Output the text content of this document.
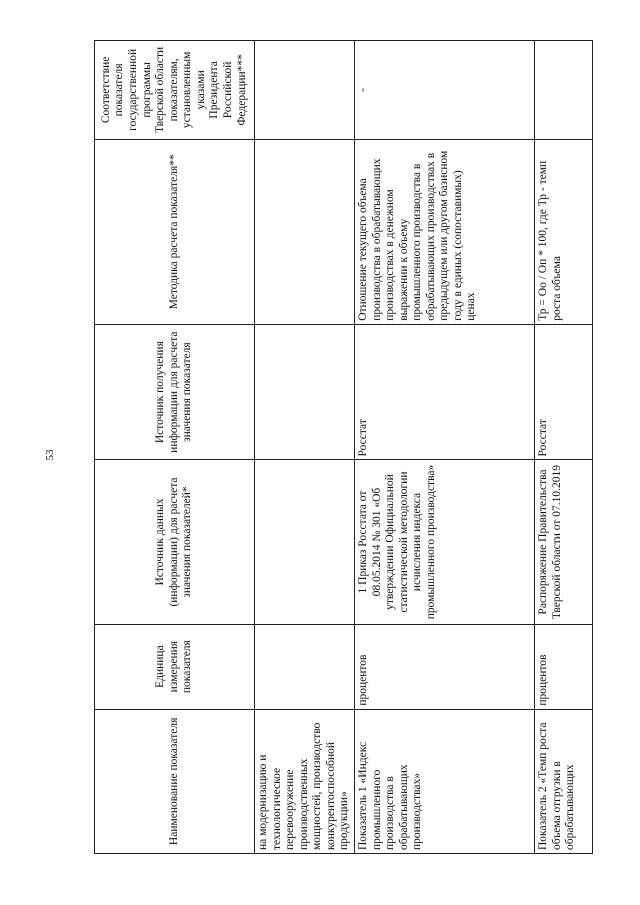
53
Наименование показателя	Единица измерения показателя	Источник данных (информации) для расчета значения показателей*	Источник получения информации для расчета значения показателя	Методика расчета показателя**	Соответствие показателя государственной программы Тверской области показателям, установленным указами Президента Российской Федерации***
на модернизацию и технологическое перевооружение производственных мощностей, производство конкурентоспособной продукции»					
Показатель 1 «Индекс промышленного производства в обрабатывающих производствах»	процентов	1 Приказ Росстата от 08.05.2014 № 301 «Об утверждении Официальной статистической методологии исчисления индекса промышленного производства»	Росстат	Отношение текущего объема производства в обрабатывающих производствах в денежном выражении к объему промышленного производства в обрабатывающих производствах в предыдущем или другом базисном году в единых (сопоставимых) ценах	-
Показатель 2 «Темп роста объема отгрузки в обрабатывающих	процентов	Распоряжение Правительства Тверской области от 07.10.2019	Росстат	Тр = Оо / Оп * 100, где Тр - темп роста объема	
